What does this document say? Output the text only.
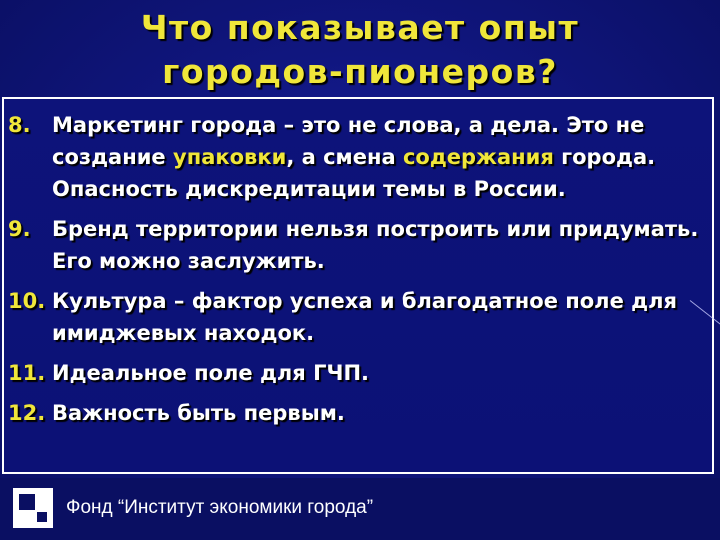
Что показывает опыт
городов-пионеров?
8. Маркетинг города – это не слова, а дела. Это не создание упаковки, а смена содержания города. Опасность дискредитации темы в России.
9. Бренд территории нельзя построить или придумать. Его можно заслужить.
10. Культура – фактор успеха и благодатное поле для имиджевых находок.
11. Идеальное поле для ГЧП.
12. Важность быть первым.
Фонд “Институт экономики города”
